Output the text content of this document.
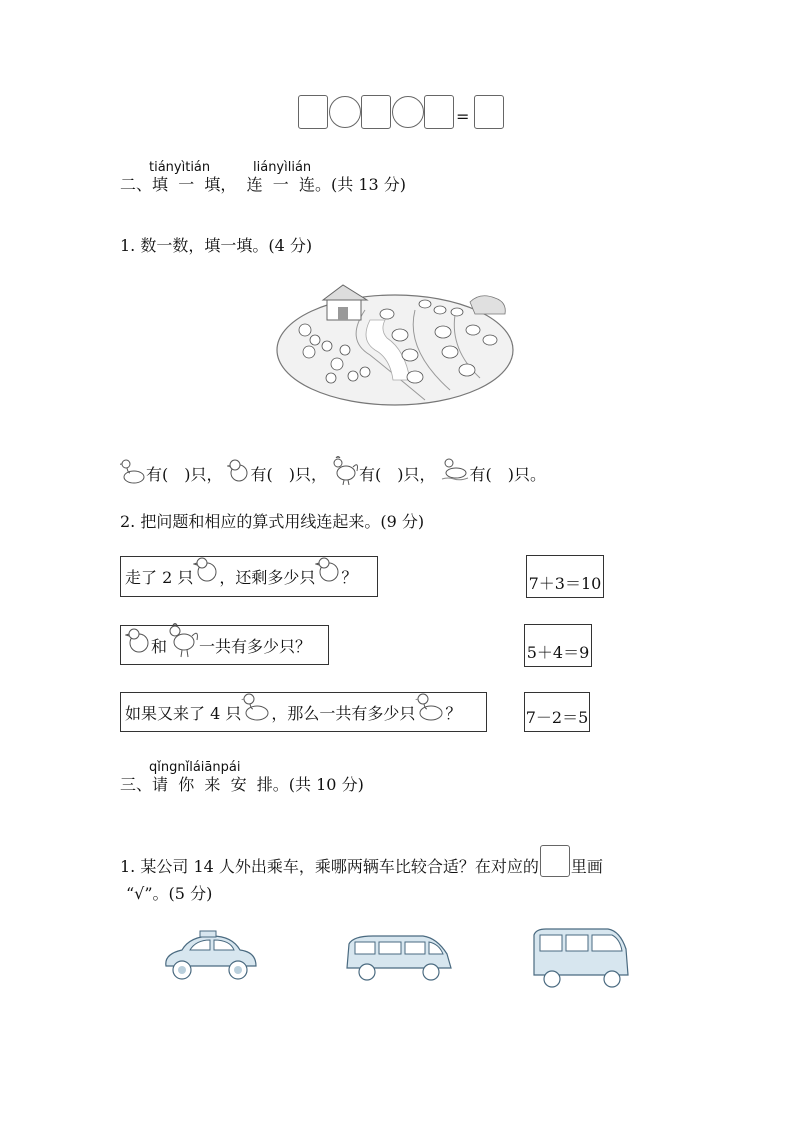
=
tiányìtián	liányìlián
二、填 一 填， 连 一 连。(共 13 分)
1. 数一数，填一填。(4 分)
有(　)只， 有(　)只， 有(　)只， 有(　)只。
2. 把问题和相应的算式用线连起来。(9 分)
走了 2 只 ，还剩多少只 ？
和 一共有多少只？
如果又来了 4 只 ，那么一共有多少只 ？
7＋3＝10
5＋4＝9
7－2＝5
qǐngnǐláiānpái
三、请 你 来 安 排。(共 10 分)
1. 某公司 14 人外出乘车，乘哪两辆车比较合适？在对应的 里画
“√”。(5 分)
